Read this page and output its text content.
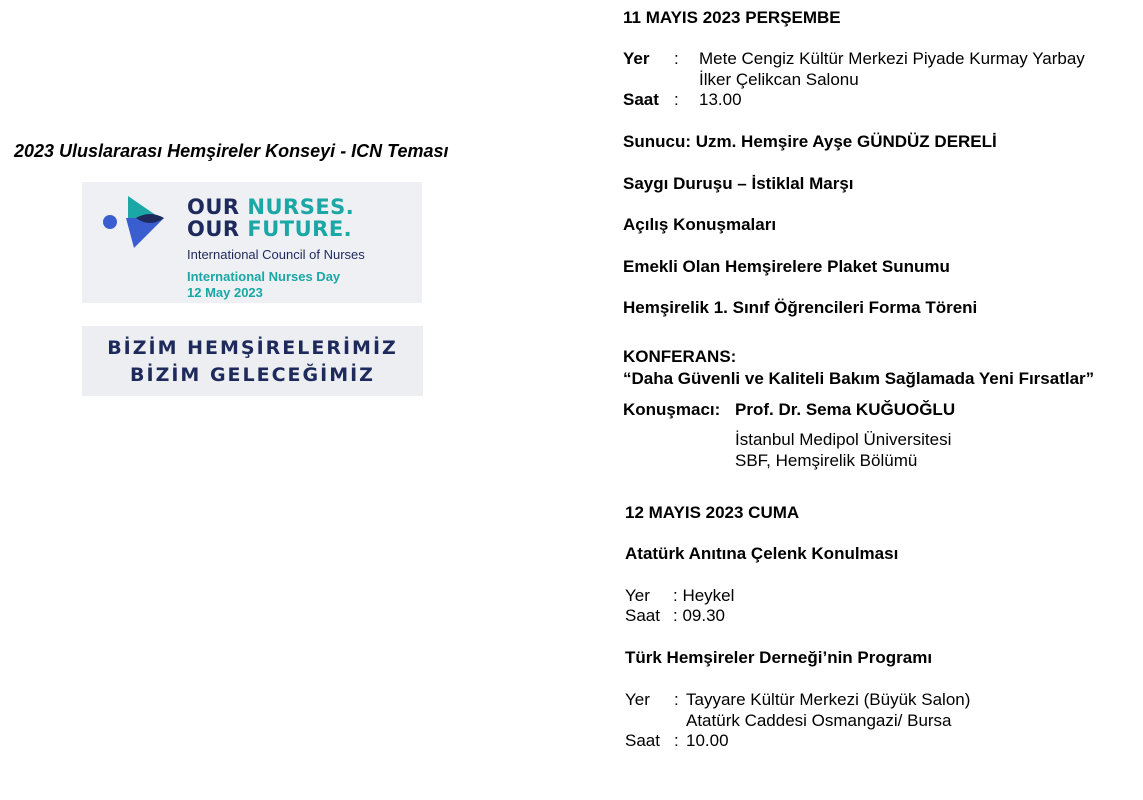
2023 Uluslararası Hemşireler Konseyi - ICN Teması
OUR NURSES.
OUR FUTURE.
International Council of Nurses
International Nurses Day
12 May 2023
BİZİM HEMŞİRELERİMİZ
BİZİM GELECEĞİMİZ
11 MAYIS 2023 PERŞEMBE
Yer : Mete Cengiz Kültür Merkezi Piyade Kurmay Yarbay
İlker Çelikcan Salonu
Saat : 13.00
Sunucu: Uzm. Hemşire Ayşe GÜNDÜZ DERELİ
Saygı Duruşu – İstiklal Marşı
Açılış Konuşmaları
Emekli Olan Hemşirelere Plaket Sunumu
Hemşirelik 1. Sınıf Öğrencileri Forma Töreni
KONFERANS:
“Daha Güvenli ve Kaliteli Bakım Sağlamada Yeni Fırsatlar”
Konuşmacı: Prof. Dr. Sema KUĞUOĞLU
İstanbul Medipol Üniversitesi
SBF, Hemşirelik Bölümü
12 MAYIS 2023 CUMA
Atatürk Anıtına Çelenk Konulması
Yer : Heykel
Saat : 09.30
Türk Hemşireler Derneği’nin Programı
Yer : Tayyare Kültür Merkezi (Büyük Salon)
Atatürk Caddesi Osmangazi/ Bursa
Saat : 10.00
